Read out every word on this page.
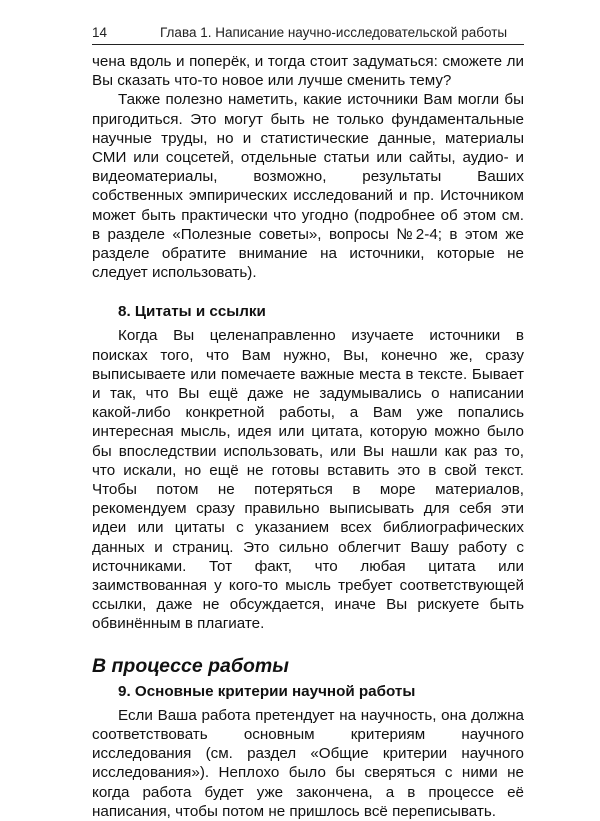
14	Глава 1. Написание научно-исследовательской работы

чена вдоль и поперёк, и тогда стоит задуматься: сможете ли Вы сказать что-то новое или лучше сменить тему?

Также полезно наметить, какие источники Вам могли бы пригодиться. Это могут быть не только фундаментальные научные труды, но и статистические данные, материалы СМИ или соцсетей, отдельные статьи или сайты, аудио- и видеоматериалы, возможно, результаты Ваших собственных эмпирических исследований и пр. Источником может быть практически что угодно (подробнее об этом см. в разделе «Полезные советы», вопросы №2-4; в этом же разделе обратите внимание на источники, которые не следует использовать).

8. Цитаты и ссылки

Когда Вы целенаправленно изучаете источники в поисках того, что Вам нужно, Вы, конечно же, сразу выписываете или помечаете важные места в тексте. Бывает и так, что Вы ещё даже не задумывались о написании какой-либо конкретной работы, а Вам уже попались интересная мысль, идея или цитата, которую можно было бы впоследствии использовать, или Вы нашли как раз то, что искали, но ещё не готовы вставить это в свой текст. Чтобы потом не потеряться в море материалов, рекомендуем сразу правильно выписывать для себя эти идеи или цитаты с указанием всех библиографических данных и страниц. Это сильно облегчит Вашу работу с источниками. Тот факт, что любая цитата или заимствованная у кого-то мысль требует соответствующей ссылки, даже не обсуждается, иначе Вы рискуете быть обвинённым в плагиате.

В процессе работы
9. Основные критерии научной работы

Если Ваша работа претендует на научность, она должна соответствовать основным критериям научного исследования (см. раздел «Общие критерии научного исследования»). Неплохо было бы сверяться с ними не когда работа будет уже закончена, а в процессе её написания, чтобы потом не пришлось всё переписывать.
